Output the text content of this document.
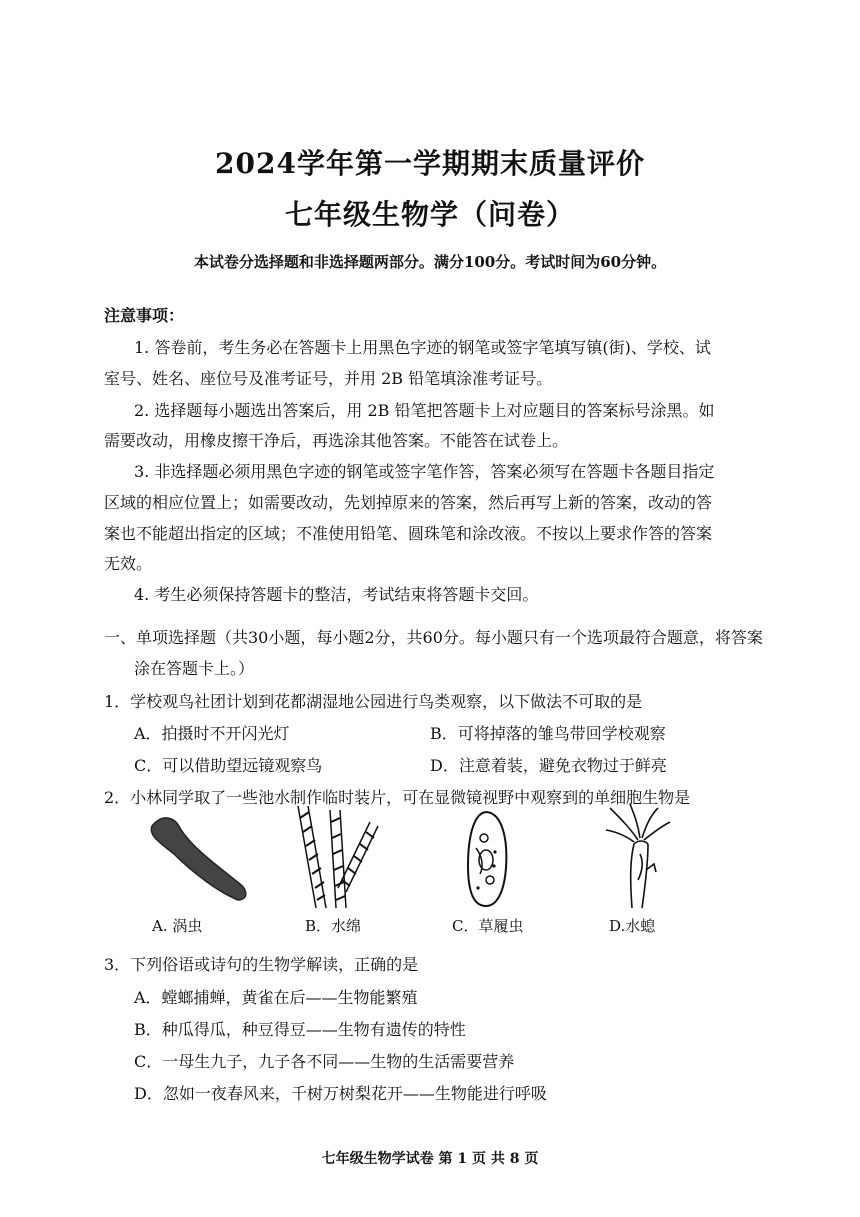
2024学年第一学期期末质量评价
七年级生物学（问卷）
本试卷分选择题和非选择题两部分。满分100分。考试时间为60分钟。
注意事项：
1. 答卷前，考生务必在答题卡上用黑色字迹的钢笔或签字笔填写镇(街)、学校、试
室号、姓名、座位号及准考证号，并用 2B 铅笔填涂准考证号。
2. 选择题每小题选出答案后，用 2B 铅笔把答题卡上对应题目的答案标号涂黑。如
需要改动，用橡皮擦干净后，再选涂其他答案。不能答在试卷上。
3. 非选择题必须用黑色字迹的钢笔或签字笔作答，答案必须写在答题卡各题目指定
区域的相应位置上；如需要改动，先划掉原来的答案，然后再写上新的答案，改动的答
案也不能超出指定的区域；不准使用铅笔、圆珠笔和涂改液。不按以上要求作答的答案
无效。
4. 考生必须保持答题卡的整洁，考试结束将答题卡交回。
一、单项选择题（共30小题，每小题2分，共60分。每小题只有一个选项最符合题意，将答案
涂在答题卡上。）
1．学校观鸟社团计划到花都湖湿地公园进行鸟类观察，以下做法不可取的是
A．拍摄时不开闪光灯	B．可将掉落的雏鸟带回学校观察
C．可以借助望远镜观察鸟	D．注意着装，避免衣物过于鲜亮
2．小林同学取了一些池水制作临时装片，可在显微镜视野中观察到的单细胞生物是
A. 涡虫	B．水绵	C．草履虫	D.水螅
3．下列俗语或诗句的生物学解读，正确的是
A．螳螂捕蝉，黄雀在后——生物能繁殖
B．种瓜得瓜，种豆得豆——生物有遗传的特性
C．一母生九子，九子各不同——生物的生活需要营养
D．忽如一夜春风来，千树万树梨花开——生物能进行呼吸
七年级生物学试卷 第 1 页 共 8 页
